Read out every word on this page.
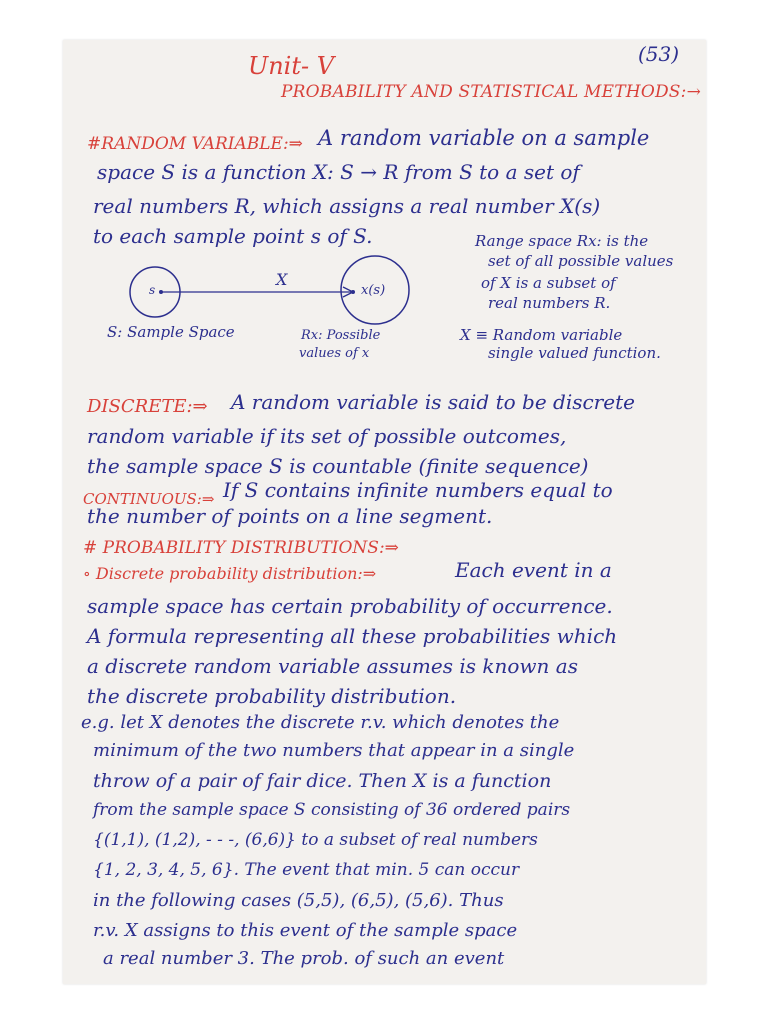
(53)
Unit- Ⅴ
PROBABILITY AND STATISTICAL METHODS:→
#RANDOM VARIABLE:⇒ A random variable on a sample
space S is a function X: S → R from S to a set of
real numbers R, which assigns a real number X(s)
to each sample point s of S.	Range space Rx: is the
set of all possible values
of X is a subset of
real numbers R.
X ≡ Random variable
single valued function.
s
X
x(s)
S: Sample Space	Rx: Possible
values of x
DISCRETE:⇒ A random variable is said to be discrete
random variable if its set of possible outcomes,
the sample space S is countable (finite sequence)
CONTINUOUS:⇒ If S contains infinite numbers equal to
the number of points on a line segment.
# PROBABILITY DISTRIBUTIONS:⇒
∘ Discrete probability distribution:⇒	Each event in a
sample space has certain probability of occurrence.
A formula representing all these probabilities which
a discrete random variable assumes is known as
the discrete probability distribution.
e.g. let X denotes the discrete r.v. which denotes the
minimum of the two numbers that appear in a single
throw of a pair of fair dice. Then X is a function
from the sample space S consisting of 36 ordered pairs
{(1,1), (1,2), - - -, (6,6)} to a subset of real numbers
{1, 2, 3, 4, 5, 6}. The event that min. 5 can occur
in the following cases (5,5), (6,5), (5,6). Thus
r.v. X assigns to this event of the sample space
a real number 3. The prob. of such an event
